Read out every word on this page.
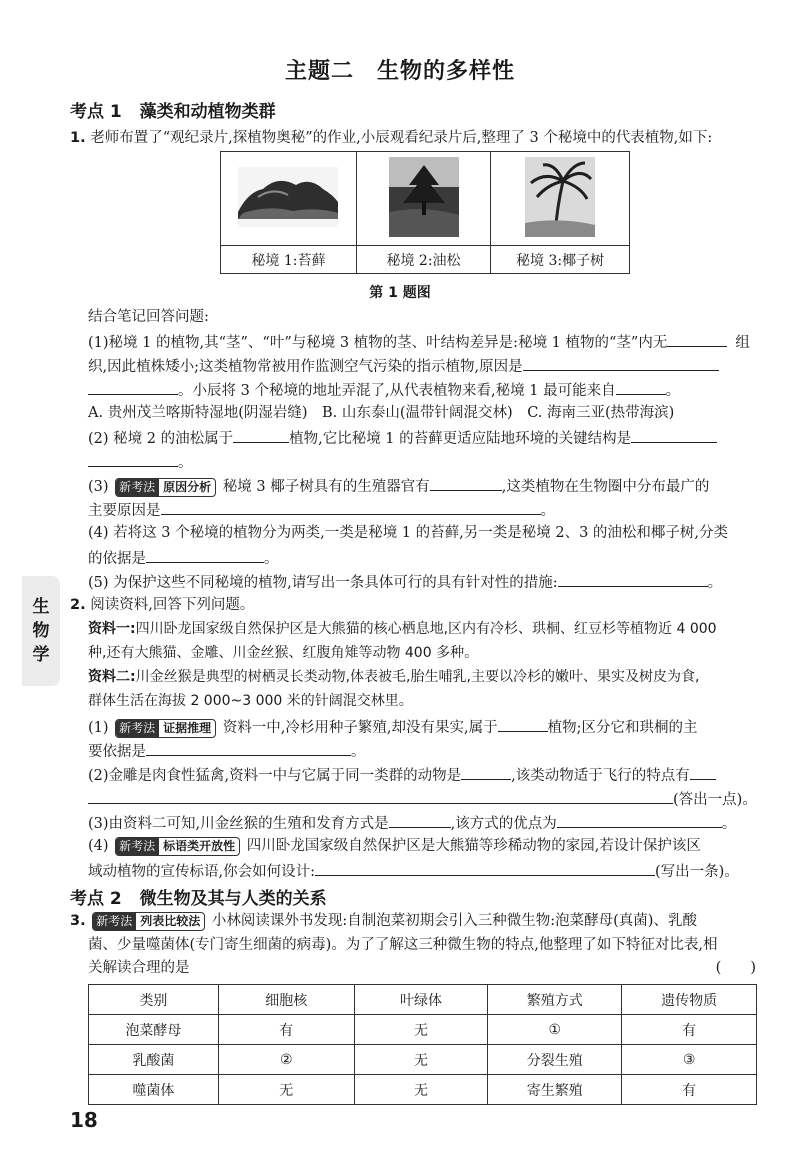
主题二　生物的多样性
考点 1 藻类和动植物类群
1. 老师布置了“观纪录片,探植物奥秘”的作业,小辰观看纪录片后,整理了 3 个秘境中的代表植物,如下:

秘境 1:苔藓	秘境 2:油松	秘境 3:椰子树
第 1 题图
结合笔记回答问题:
(1)秘境 1 的植物,其“茎”、“叶”与秘境 3 植物的茎、叶结构差异是:秘境 1 植物的“茎”内无	组
织,因此植株矮小;这类植物常被用作监测空气污染的指示植物,原因是
。小辰将 3 个秘境的地址弄混了,从代表植物来看,秘境 1 最可能来自	。
A. 贵州茂兰喀斯特湿地(阴湿岩缝)　B. 山东泰山(温带针阔混交林)　C. 海南三亚(热带海滨)
(2) 秘境 2 的油松属于	植物,它比秘境 1 的苔藓更适应陆地环境的关键结构是
。
(3) 新考法 原因分析 秘境 3 椰子树具有的生殖器官有	,这类植物在生物圈中分布最广的
主要原因是	。
(4) 若将这 3 个秘境的植物分为两类,一类是秘境 1 的苔藓,另一类是秘境 2、3 的油松和椰子树,分类
的依据是	。
(5) 为保护这些不同秘境的植物,请写出一条具体可行的具有针对性的措施:	。
2. 阅读资料,回答下列问题。
资料一:四川卧龙国家级自然保护区是大熊猫的核心栖息地,区内有冷杉、珙桐、红豆杉等植物近 4 000
种,还有大熊猫、金雕、川金丝猴、红腹角雉等动物 400 多种。
资料二:川金丝猴是典型的树栖灵长类动物,体表被毛,胎生哺乳,主要以冷杉的嫩叶、果实及树皮为食,
群体生活在海拔 2 000~3 000 米的针阔混交林里。
(1) 新考法 证据推理 资料一中,冷杉用种子繁殖,却没有果实,属于	植物;区分它和珙桐的主
要依据是	。
(2)金雕是肉食性猛禽,资料一中与它属于同一类群的动物是	,该类动物适于飞行的特点有
(答出一点)。
(3)由资料二可知,川金丝猴的生殖和发育方式是	,该方式的优点为	。
(4) 新考法 标语类开放性 四川卧龙国家级自然保护区是大熊猫等珍稀动物的家园,若设计保护该区
域动植物的宣传标语,你会如何设计:	(写出一条)。
考点 2 微生物及其与人类的关系
3. 新考法 列表比较法 小林阅读课外书发现:自制泡菜初期会引入三种微生物:泡菜酵母(真菌)、乳酸
菌、少量噬菌体(专门寄生细菌的病毒)。为了了解这三种微生物的特点,他整理了如下特征对比表,相
关解读合理的是	(　　)
类别	细胞核	叶绿体	繁殖方式	遗传物质
泡菜酵母	有	无	①	有
乳酸菌	②	无	分裂生殖	③
噬菌体	无	无	寄生繁殖	有
生
物
学
18
